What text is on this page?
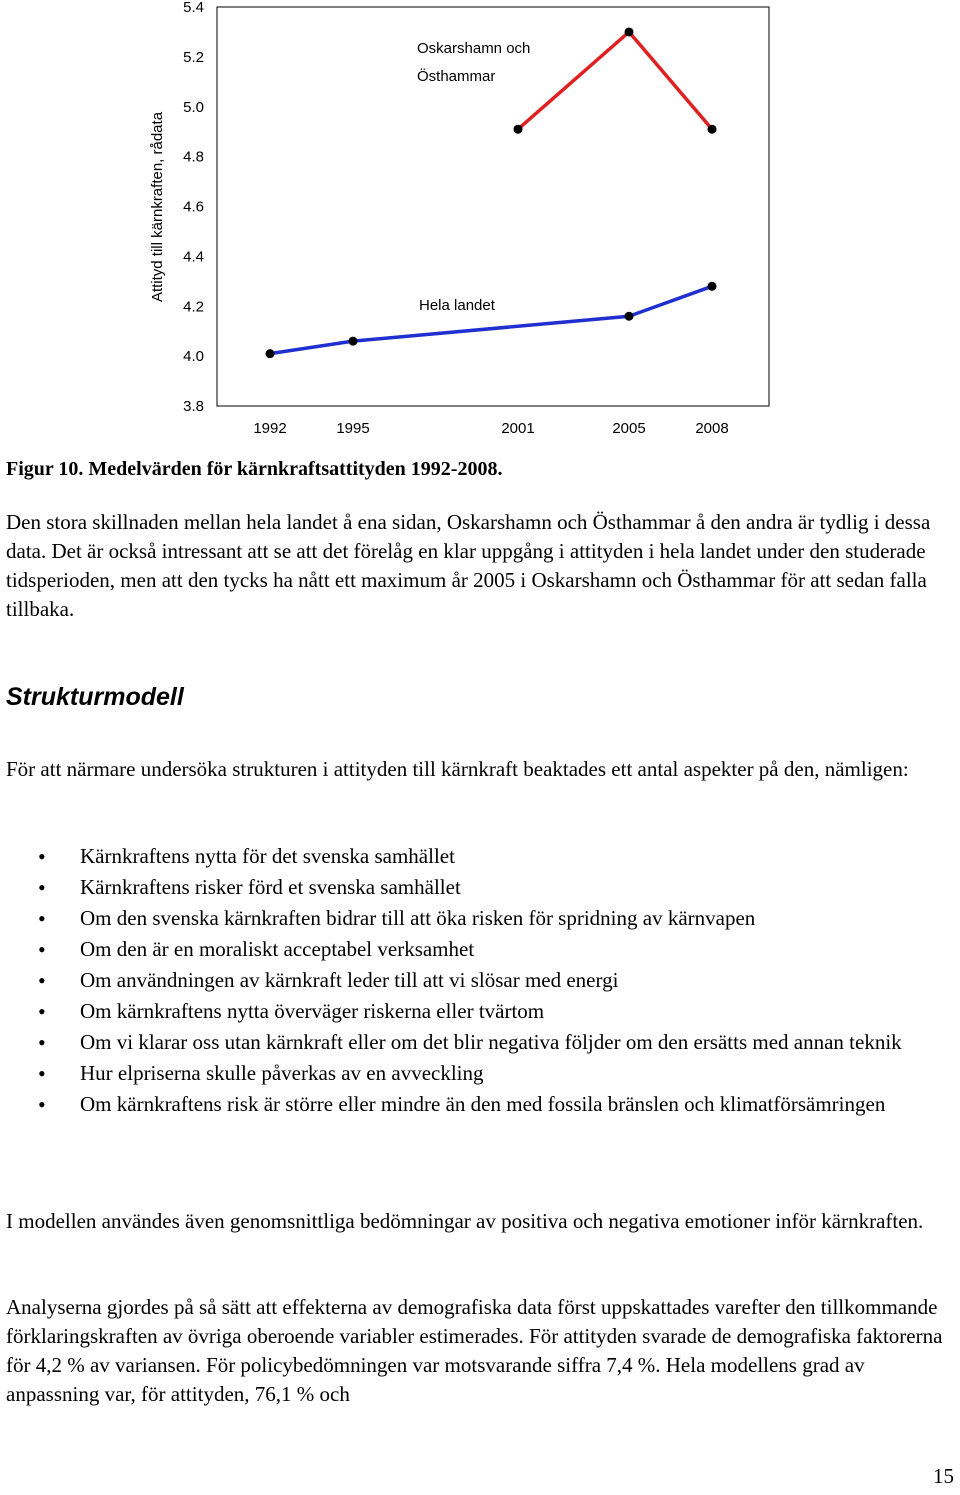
5.4
5.2
5.0
4.8
4.6
4.4
4.2
4.0
3.8
1992	1995	2001	2005	2008
Attityd till kärnkraften, rådata
Oskarshamn och
Östhammar
Hela landet
Figur 10. Medelvärden för kärnkraftsattityden 1992-2008.

Den stora skillnaden mellan hela landet å ena sidan, Oskarshamn och Östhammar å den andra är tydlig i dessa data. Det är också intressant att se att det förelåg en klar uppgång i attityden i hela landet under den studerade tidsperioden, men att den tycks ha nått ett maximum år 2005 i Oskarshamn och Östhammar för att sedan falla tillbaka.

Strukturmodell

För att närmare undersöka strukturen i attityden till kärnkraft beaktades ett antal aspekter på den, nämligen:

• Kärnkraftens nytta för det svenska samhället
• Kärnkraftens risker förd et svenska samhället
• Om den svenska kärnkraften bidrar till att öka risken för spridning av kärnvapen
• Om den är en moraliskt acceptabel verksamhet
• Om användningen av kärnkraft leder till att vi slösar med energi
• Om kärnkraftens nytta överväger riskerna eller tvärtom
• Om vi klarar oss utan kärnkraft eller om det blir negativa följder om den ersätts med annan teknik
• Hur elpriserna skulle påverkas av en avveckling
• Om kärnkraftens risk är större eller mindre än den med fossila bränslen och klimatförsämringen

I modellen användes även genomsnittliga bedömningar av positiva och negativa emotioner inför kärnkraften.

Analyserna gjordes på så sätt att effekterna av demografiska data först uppskattades varefter den tillkommande förklaringskraften av övriga oberoende variabler estimerades. För attityden svarade de demografiska faktorerna för 4,2 % av variansen. För policybedömningen var motsvarande siffra 7,4 %. Hela modellens grad av anpassning var, för attityden, 76,1 % och

15
